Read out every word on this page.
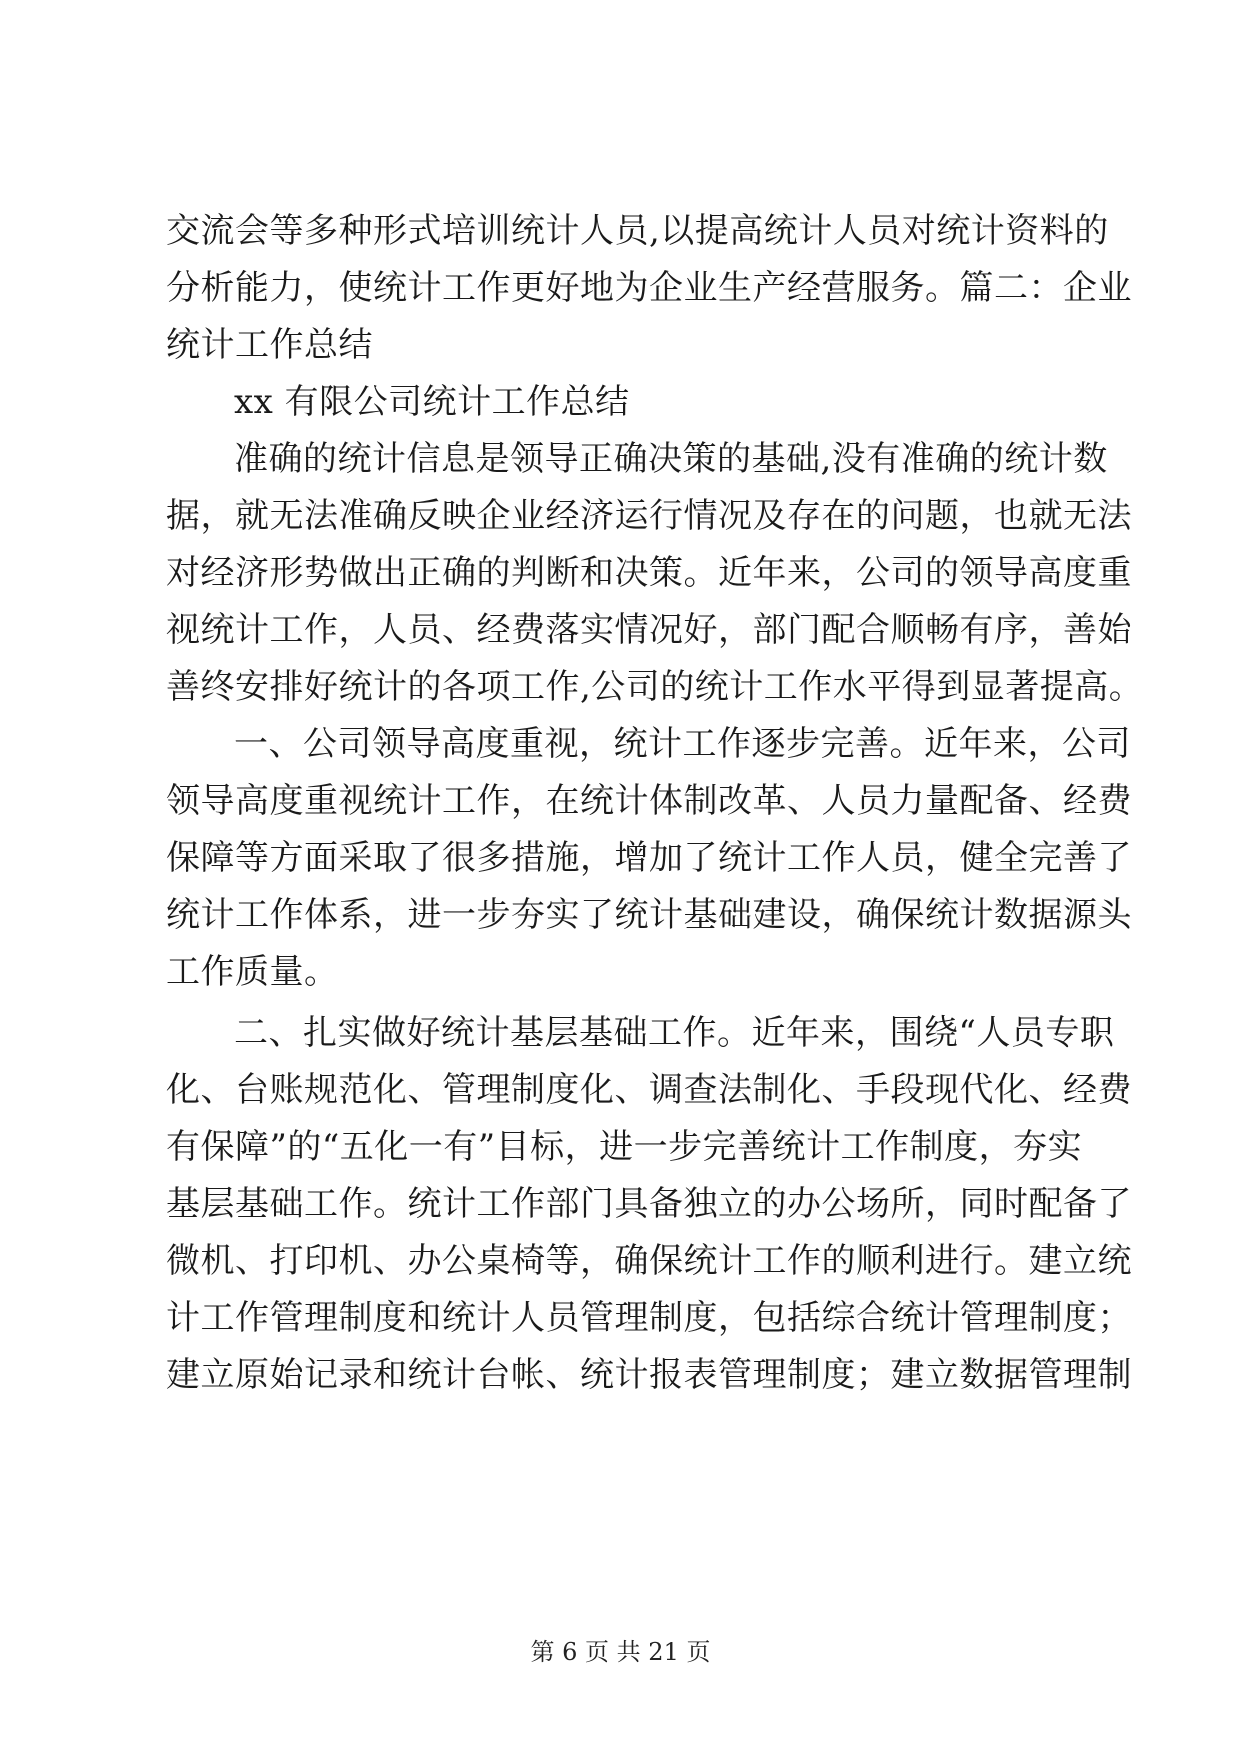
交流会等多种形式培训统计人员,以提高统计人员对统计资料的
分析能力，使统计工作更好地为企业生产经营服务。篇二：企业
统计工作总结
xx 有限公司统计工作总结
准确的统计信息是领导正确决策的基础,没有准确的统计数
据，就无法准确反映企业经济运行情况及存在的问题，也就无法
对经济形势做出正确的判断和决策。近年来，公司的领导高度重
视统计工作，人员、经费落实情况好，部门配合顺畅有序，善始
善终安排好统计的各项工作,公司的统计工作水平得到显著提高。
一、公司领导高度重视，统计工作逐步完善。近年来，公司
领导高度重视统计工作，在统计体制改革、人员力量配备、经费
保障等方面采取了很多措施，增加了统计工作人员，健全完善了
统计工作体系，进一步夯实了统计基础建设，确保统计数据源头
工作质量。
二、扎实做好统计基层基础工作。近年来，围绕“人员专职
化、台账规范化、管理制度化、调查法制化、手段现代化、经费
有保障”的“五化一有”目标，进一步完善统计工作制度，夯实
基层基础工作。统计工作部门具备独立的办公场所，同时配备了
微机、打印机、办公桌椅等，确保统计工作的顺利进行。建立统
计工作管理制度和统计人员管理制度，包括综合统计管理制度；
建立原始记录和统计台帐、统计报表管理制度；建立数据管理制
第 6 页 共 21 页
